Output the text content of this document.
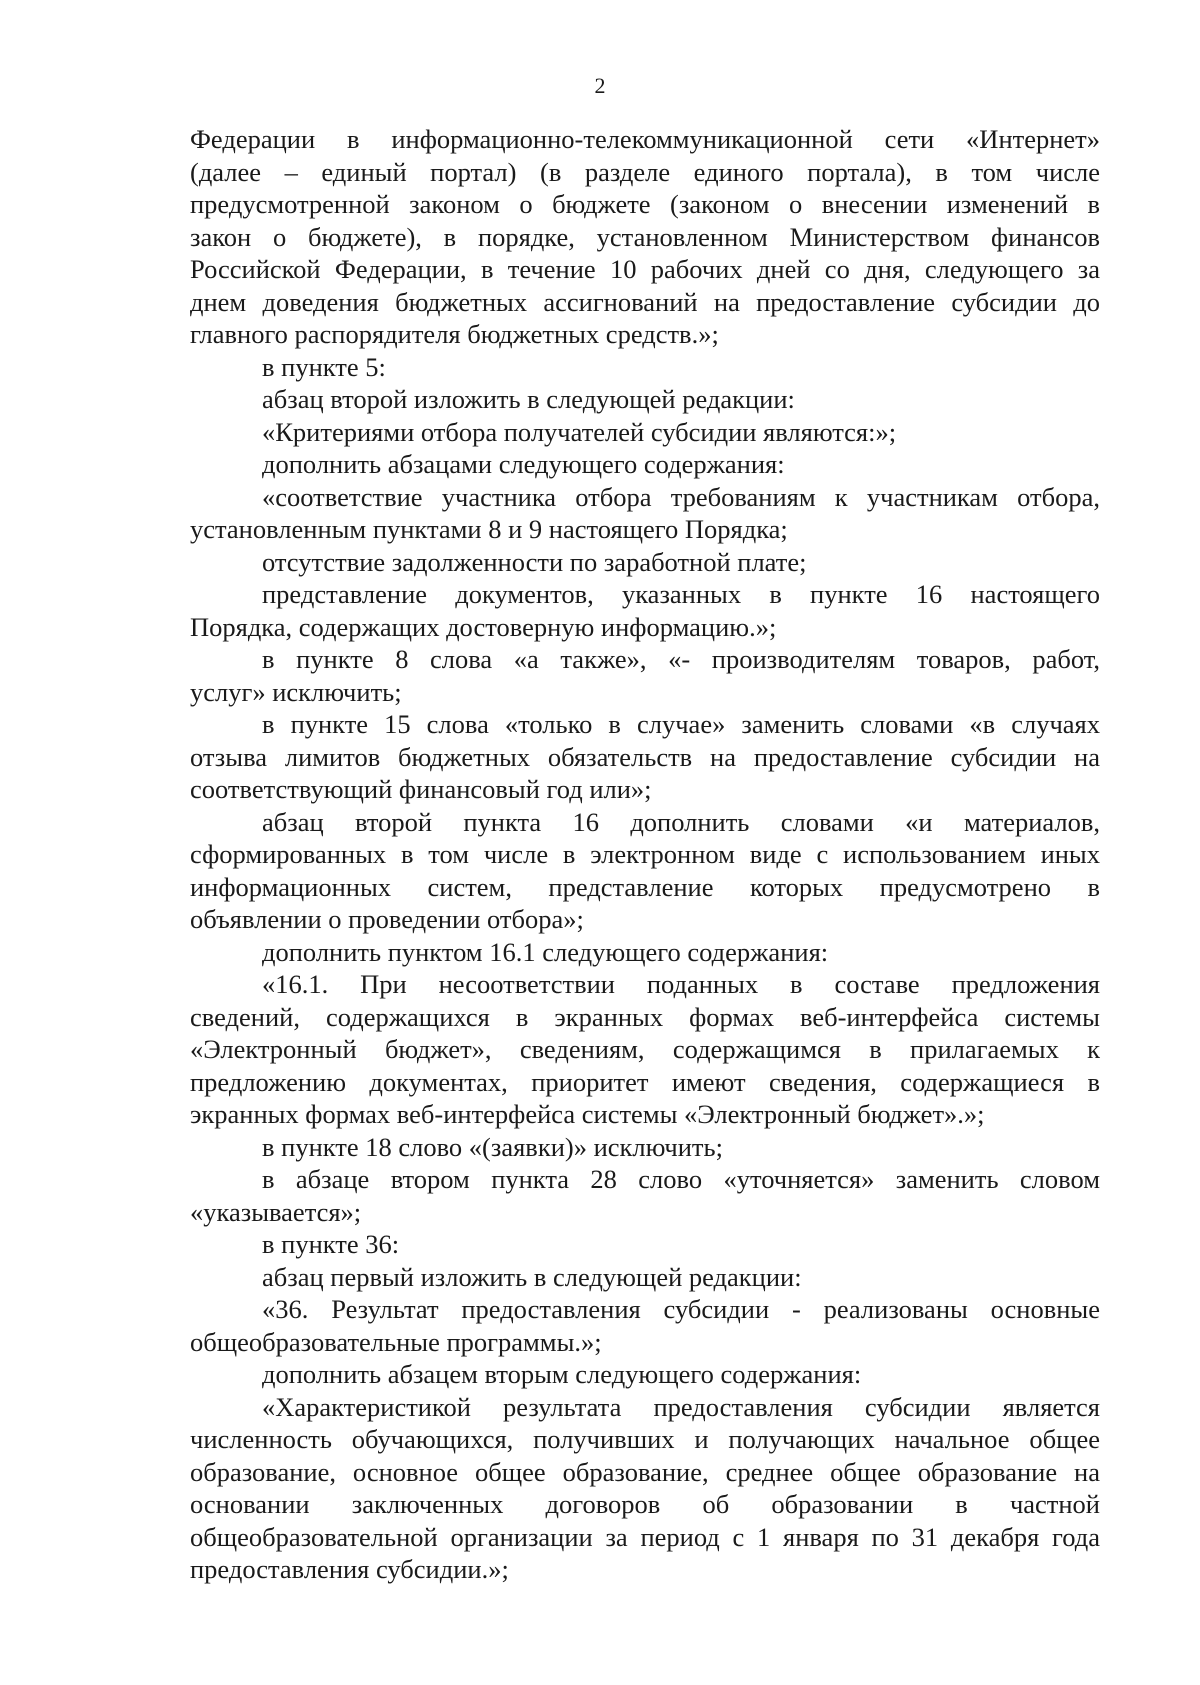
2

Федерации в информационно-телекоммуникационной сети «Интернет»

(далее – единый портал) (в разделе единого портала), в том числе

предусмотренной законом о бюджете (законом о внесении изменений в

закон о бюджете), в порядке, установленном Министерством финансов

Российской Федерации, в течение 10 рабочих дней со дня, следующего за

днем доведения бюджетных ассигнований на предоставление субсидии до

главного распорядителя бюджетных средств.»;

в пункте 5:

абзац второй изложить в следующей редакции:

«Критериями отбора получателей субсидии являются:»;

дополнить абзацами следующего содержания:

«соответствие участника отбора требованиям к участникам отбора,

установленным пунктами 8 и 9 настоящего Порядка;

отсутствие задолженности по заработной плате;

представление документов, указанных в пункте 16 настоящего

Порядка, содержащих достоверную информацию.»;

в пункте 8 слова «а также», «- производителям товаров, работ,

услуг» исключить;

в пункте 15 слова «только в случае» заменить словами «в случаях

отзыва лимитов бюджетных обязательств на предоставление субсидии на

соответствующий финансовый год или»;

абзац второй пункта 16 дополнить словами «и материалов,

сформированных в том числе в электронном виде с использованием иных

информационных систем, представление которых предусмотрено в

объявлении о проведении отбора»;

дополнить пунктом 16.1 следующего содержания:

«16.1. При несоответствии поданных в составе предложения

сведений, содержащихся в экранных формах веб-интерфейса системы

«Электронный бюджет», сведениям, содержащимся в прилагаемых к

предложению документах, приоритет имеют сведения, содержащиеся в

экранных формах веб-интерфейса системы «Электронный бюджет».»;

в пункте 18 слово «(заявки)» исключить;

в абзаце втором пункта 28 слово «уточняется» заменить словом

«указывается»;

в пункте 36:

абзац первый изложить в следующей редакции:

«36. Результат предоставления субсидии - реализованы основные

общеобразовательные программы.»;

дополнить абзацем вторым следующего содержания:

«Характеристикой результата предоставления субсидии является

численность обучающихся, получивших и получающих начальное общее

образование, основное общее образование, среднее общее образование на

основании заключенных договоров об образовании в частной

общеобразовательной организации за период с 1 января по 31 декабря года

предоставления субсидии.»;
